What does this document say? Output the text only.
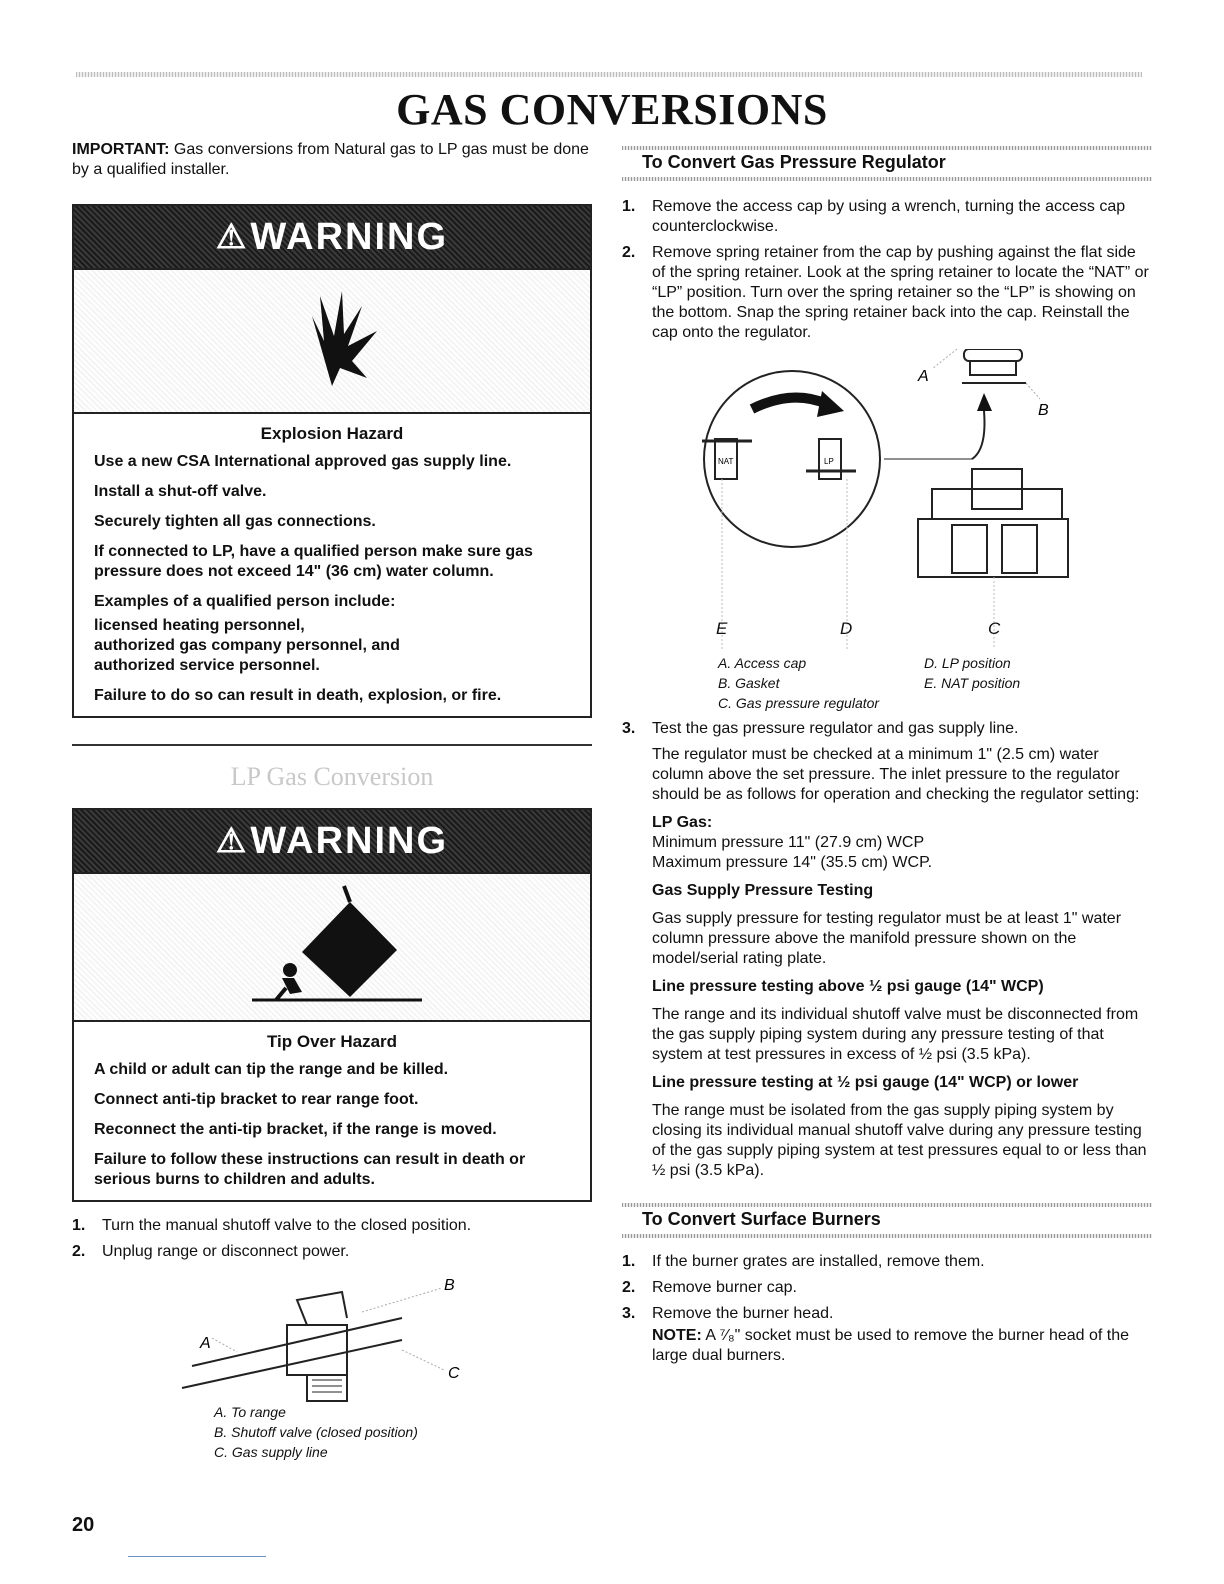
GAS CONVERSIONS

IMPORTANT: Gas conversions from Natural gas to LP gas must be done by a qualified installer.

⚠ WARNING
Explosion Hazard
Use a new CSA International approved gas supply line.
Install a shut-off valve.
Securely tighten all gas connections.
If connected to LP, have a qualified person make sure gas pressure does not exceed 14" (36 cm) water column.
Examples of a qualified person include:
licensed heating personnel,
authorized gas company personnel, and
authorized service personnel.
Failure to do so can result in death, explosion, or fire.
LP Gas Conversion
⚠ WARNING
Tip Over Hazard
A child or adult can tip the range and be killed.
Connect anti-tip bracket to rear range foot.
Reconnect the anti-tip bracket, if the range is moved.
Failure to follow these instructions can result in death or serious burns to children and adults.
1. Turn the manual shutoff valve to the closed position.
2. Unplug range or disconnect power.
A
B
C
A. To range
B. Shutoff valve (closed position)
C. Gas supply line
To Convert Gas Pressure Regulator
1. Remove the access cap by using a wrench, turning the access cap counterclockwise.
2. Remove spring retainer from the cap by pushing against the flat side of the spring retainer. Look at the spring retainer to locate the “NAT” or “LP” position. Turn over the spring retainer so the “LP” is showing on the bottom. Snap the spring retainer back into the cap. Reinstall the cap onto the regulator.
NAT	LP
A
B
E	D	C
A. Access cap
B. Gasket
C. Gas pressure regulator
D. LP position
E. NAT position
3. Test the gas pressure regulator and gas supply line.

The regulator must be checked at a minimum 1" (2.5 cm) water column above the set pressure. The inlet pressure to the regulator should be as follows for operation and checking the regulator setting:

LP Gas:

Minimum pressure 11" (27.9 cm) WCP

Maximum pressure 14" (35.5 cm) WCP.

Gas Supply Pressure Testing

Gas supply pressure for testing regulator must be at least 1" water column pressure above the manifold pressure shown on the model/serial rating plate.

Line pressure testing above ½ psi gauge (14" WCP)

The range and its individual shutoff valve must be disconnected from the gas supply piping system during any pressure testing of that system at test pressures in excess of ½ psi (3.5 kPa).

Line pressure testing at ½ psi gauge (14" WCP) or lower

The range must be isolated from the gas supply piping system by closing its individual manual shutoff valve during any pressure testing of the gas supply piping system at test pressures equal to or less than ½ psi (3.5 kPa).

To Convert Surface Burners
1. If the burner grates are installed, remove them.
2. Remove burner cap.
3. Remove the burner head.

NOTE: A ⁷⁄₈" socket must be used to remove the burner head of the large dual burners.

20
